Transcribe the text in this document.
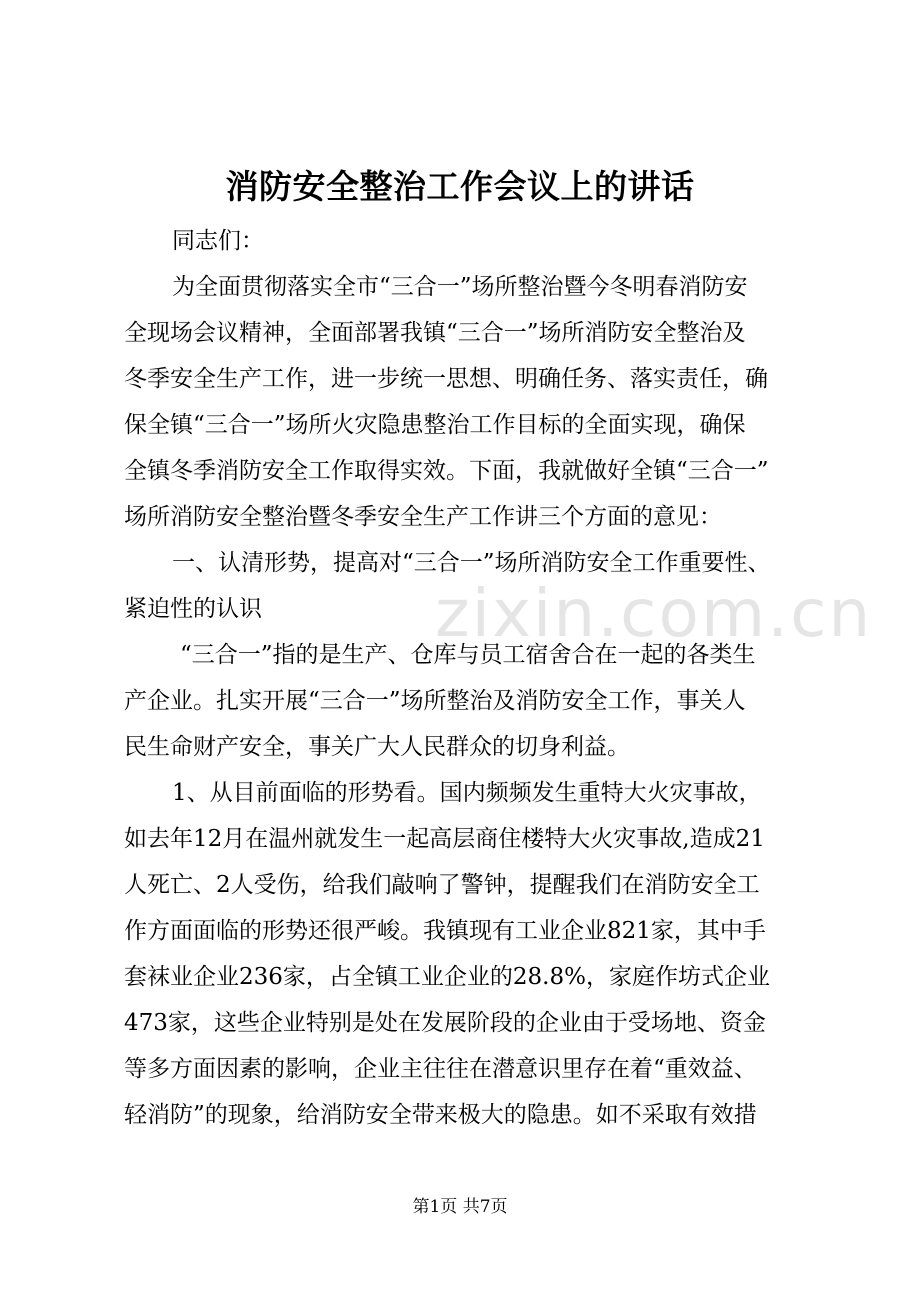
消防安全整治工作会议上的讲话
同志们：
为全面贯彻落实全市“三合一”场所整治暨今冬明春消防安
全现场会议精神，全面部署我镇“三合一”场所消防安全整治及
冬季安全生产工作，进一步统一思想、明确任务、落实责任，确
保全镇“三合一”场所火灾隐患整治工作目标的全面实现，确保
全镇冬季消防安全工作取得实效。下面，我就做好全镇“三合一”
场所消防安全整治暨冬季安全生产工作讲三个方面的意见：
一、认清形势，提高对“三合一”场所消防安全工作重要性、
紧迫性的认识
“三合一”指的是生产、仓库与员工宿舍合在一起的各类生
产企业。扎实开展“三合一”场所整治及消防安全工作，事关人
民生命财产安全，事关广大人民群众的切身利益。
1、从目前面临的形势看。国内频频发生重特大火灾事故，
如去年12月在温州就发生一起高层商住楼特大火灾事故,造成21
人死亡、2人受伤，给我们敲响了警钟，提醒我们在消防安全工
作方面面临的形势还很严峻。我镇现有工业企业821家，其中手
套袜业企业236家，占全镇工业企业的28.8%，家庭作坊式企业
473家，这些企业特别是处在发展阶段的企业由于受场地、资金
等多方面因素的影响，企业主往往在潜意识里存在着“重效益、
轻消防”的现象，给消防安全带来极大的隐患。如不采取有效措
zixin.com.cn
第1页 共7页
